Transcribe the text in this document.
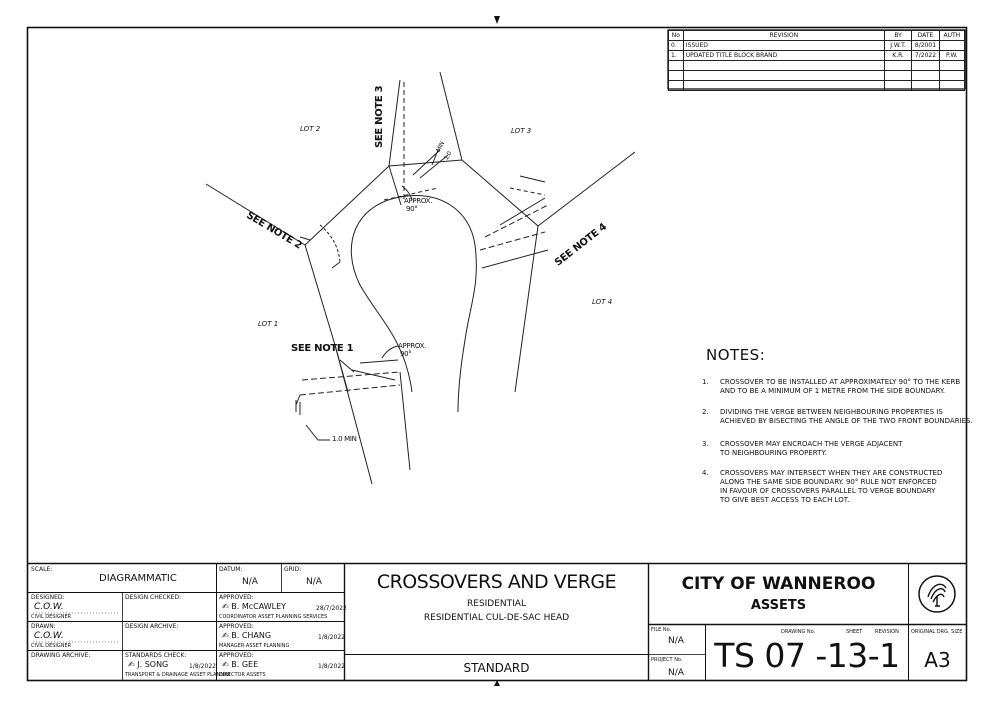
No	REVISION	BY	DATE	AUTH
0.	ISSUED	J.W.T.	8/2001	
1.	UPDATED TITLE BLOCK BRAND	K.R.	7/2022	P.W.

LOT 2	LOT 3
LOT 1
LOT 4
SEE NOTE 1
SEE NOTE 2
SEE NOTE 3
SEE NOTE 4
APPROX.
90°
APPROX.
90°
MIN
1.0
1.0 MIN
NOTES:
1. CROSSOVER TO BE INSTALLED AT APPROXIMATELY 90° TO THE KERB
AND TO BE A MINIMUM OF 1 METRE FROM THE SIDE BOUNDARY.
2. DIVIDING THE VERGE BETWEEN NEIGHBOURING PROPERTIES IS
ACHIEVED BY BISECTING THE ANGLE OF THE TWO FRONT BOUNDARIES.
3. CROSSOVER MAY ENCROACH THE VERGE ADJACENT
TO NEIGHBOURING PROPERTY.
4. CROSSOVERS MAY INTERSECT WHEN THEY ARE CONSTRUCTED
ALONG THE SAME SIDE BOUNDARY. 90° RULE NOT ENFORCED
IN FAVOUR OF CROSSOVERS PARALLEL TO VERGE BOUNDARY
TO GIVE BEST ACCESS TO EACH LOT.
SCALE:
DIAGRAMMATIC
DATUM:
N/A
GRID:
N/A
DESIGNED:
C.O.W.
CIVIL DESIGNER
DESIGN CHECKED:
DRAWN:
C.O.W.
CIVIL DESIGNER
DESIGN ARCHIVE:
DRAWING ARCHIVE:	STANDARDS CHECK:
✍ J. SONG	1/8/2022
TRANSPORT & DRAINAGE ASSET PLANNER
APPROVED:
✍ B. McCAWLEY	28/7/2022
COORDINATOR ASSET PLANNING SERVICES
APPROVED:
✍ B. CHANG	1/8/2022
MANAGER ASSET PLANNING
APPROVED:
✍ B. GEE	1/8/2022
DIRECTOR ASSETS
CROSSOVERS AND VERGE
RESIDENTIAL
RESIDENTIAL CUL-DE-SAC HEAD
STANDARD
CITY OF WANNEROO
ASSETS
FILE No.
N/A
PROJECT No.
N/A
DRAWING No.	SHEET	REVISION
TS 07 -13-1
ORIGINAL DRG. SIZE
A3
